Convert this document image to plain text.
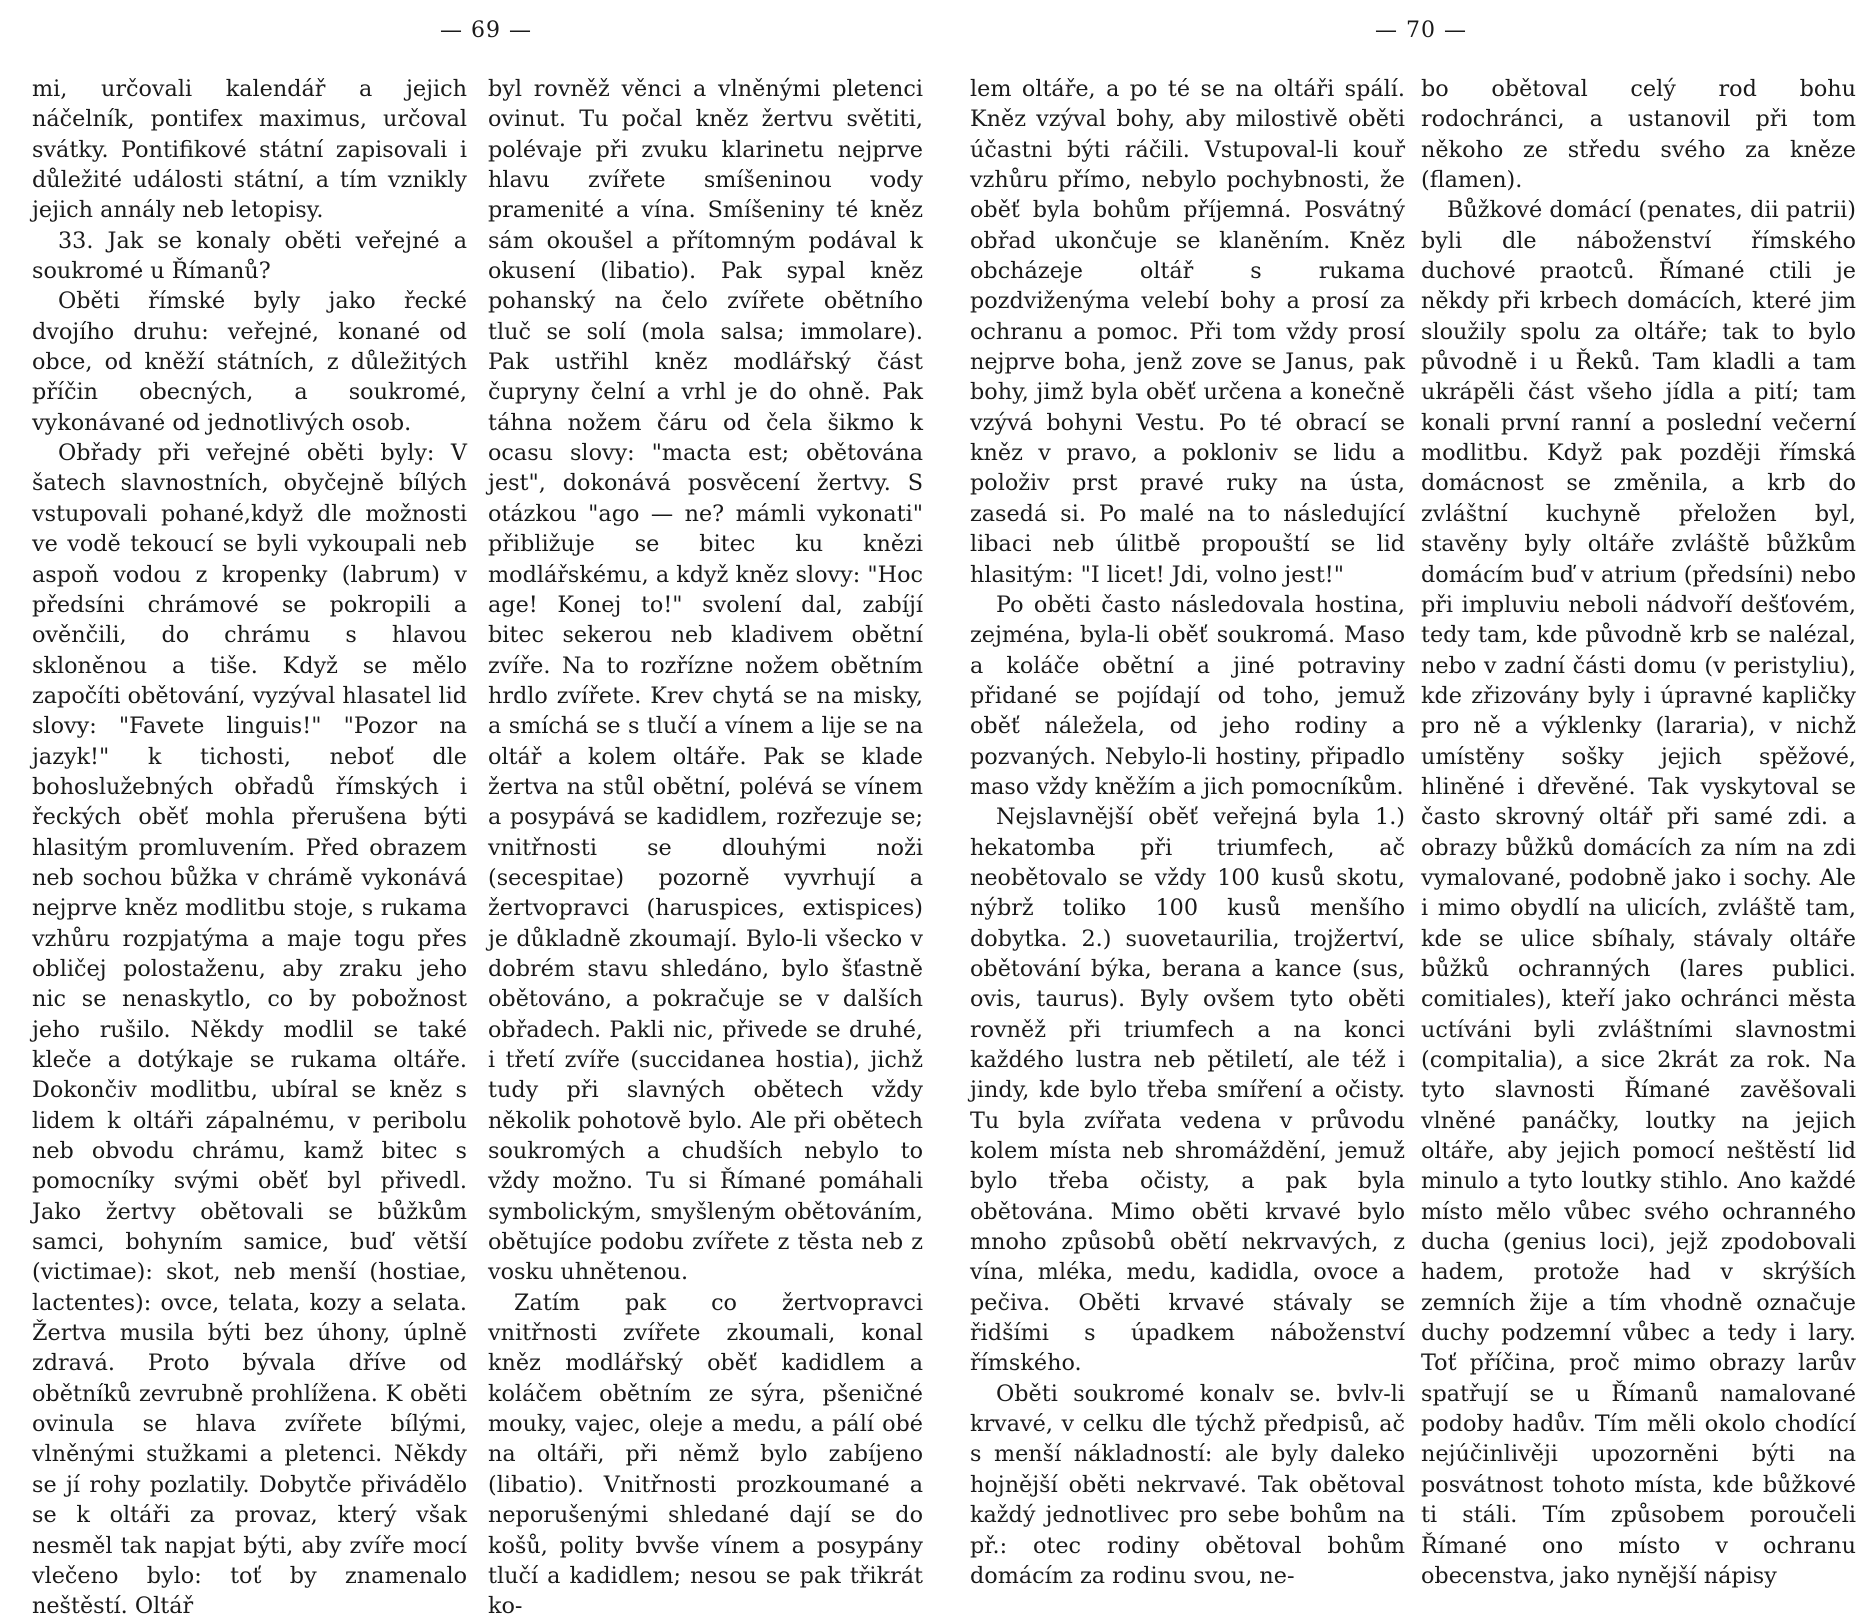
— 69 —	— 70 —

mi, určovali kalendář a jejich náčelník, pontifex maximus, určoval svátky. Pontifikové státní zapisovali i důležité události státní, a tím vznikly jejich annály neb letopisy.

33. Jak se konaly oběti veřejné a soukromé u Římanů?

Oběti římské byly jako řecké dvojího druhu: veřejné, konané od obce, od kněží státních, z důležitých příčin obecných, a soukromé, vykonávané od jednotlivých osob.

Obřady při veřejné oběti byly: V šatech slavnostních, obyčejně bílých vstupovali pohané,když dle možnosti ve vodě tekoucí se byli vykoupali neb aspoň vodou z kropenky (labrum) v předsíni chrámové se pokropili a ověnčili, do chrámu s hlavou skloněnou a tiše. Když se mělo započíti obětování, vyzýval hlasatel lid slovy: "Favete linguis!" "Pozor na jazyk!" k tichosti, neboť dle bohoslužebných obřadů římských i řeckých oběť mohla přerušena býti hlasitým promluvením. Před obrazem neb sochou bůžka v chrámě vykonává nejprve kněz modlitbu stoje, s rukama vzhůru rozpjatýma a maje togu přes obličej polostaženu, aby zraku jeho nic se nenaskytlo, co by pobožnost jeho rušilo. Někdy modlil se také kleče a dotýkaje se rukama oltáře. Dokončiv modlitbu, ubíral se kněz s lidem k oltáři zápalnému, v peribolu neb obvodu chrámu, kamž bitec s pomocníky svými oběť byl přivedl. Jako žertvy obětovali se bůžkům samci, bohyním samice, buď větší (victimae): skot, neb menší (hostiae, lactentes): ovce, telata, kozy a selata. Žertva musila býti bez úhony, úplně zdravá. Proto bývala dříve od obětníků zevrubně prohlížena. K oběti ovinula se hlava zvířete bílými, vlněnými stužkami a pletenci. Někdy se jí rohy pozlatily. Dobytče přivádělo se k oltáři za provaz, který však nesměl tak napjat býti, aby zvíře mocí vlečeno bylo: toť by znamenalo neštěstí. Oltář

byl rovněž věnci a vlněnými pletenci ovinut. Tu počal kněz žertvu světiti, polévaje při zvuku klarinetu nejprve hlavu zvířete smíšeninou vody pramenité a vína. Smíšeniny té kněz sám okoušel a přítomným podával k okusení (libatio). Pak sypal kněz pohanský na čelo zvířete obětního tluč se solí (mola salsa; immolare). Pak ustřihl kněz modlářský část čupryny čelní a vrhl je do ohně. Pak táhna nožem čáru od čela šikmo k ocasu slovy: "macta est; obětována jest", dokonává posvěcení žertvy. S otázkou "ago — ne? mámli vykonati" přibližuje se bitec ku knězi modlářskému, a když kněz slovy: "Hoc age! Konej to!" svolení dal, zabíjí bitec sekerou neb kladivem obětní zvíře. Na to rozříznе nožem obětním hrdlo zvířete. Krev chytá se na misky, a smíchá se s tlučí a vínem a lije se na oltář a kolem oltáře. Pak se klade žertva na stůl obětní, polévá se vínem a posypává se kadidlem, rozřezuje se; vnitřnosti se dlouhými noži (secespitae) pozorně vyvrhují a žertvopravci (haruspices, extispices) je důkladně zkoumají. Bylo-li všecko v dobrém stavu shledáno, bylo šťastně obětováno, a pokračuje se v dalších obřadech. Pakli nic, přivede se druhé, i třetí zvíře (succidanea hostia), jichž tudy při slavných obětech vždy několik pohotově bylo. Ale při obětech soukromých a chudších nebylo to vždy možno. Tu si Římané pomáhali symbolickým, smyšleným obětováním, obětujíce podobu zvířete z těsta neb z vosku uhnětenou.

Zatím pak co žertvopravci vnitřnosti zvířete zkoumali, konal kněz modlářský oběť kadidlem a koláčem obětním ze sýra, pšeničné mouky, vajec, oleje a medu, a pálí obé na oltáři, při němž bylo zabíjeno (libatio). Vnitřnosti prozkoumané a neporušenými shledané dají se do košů, politу bvvše vínem a posypány tlučí a kadidlem; nesou se pak třikrát ko-

lem oltáře, a po té se na oltáři spálí. Kněz vzýval bohy, aby milostivě oběti účastni býti ráčili. Vstupoval-li kouř vzhůru přímo, nebylo pochybnosti, že oběť byla bohům příjemná. Posvátný obřad ukončuje se klaněním. Kněz obcházeje oltář s rukama pozdviženýma velebí bohy a prosí za ochranu a pomoc. Při tom vždy prosí nejprve boha, jenž zove se Janus, pak bohy, jimž byla oběť určena a konečně vzývá bohyni Vestu. Po té obrací se kněz v pravo, a pokloniv se lidu a položiv prst pravé ruky na ústa, zasedá si. Po malé na to následující libaci neb úlitbě propouští se lid hlasitým: "I licet! Jdi, volno jest!"

Po oběti často následovala hostina, zejména, byla-li oběť soukromá. Maso a koláče obětní a jiné potraviny přidané se pojídají od toho, jemuž oběť náležela, od jeho rodiny a pozvaných. Nebylo-li hostiny, připadlo maso vždy kněžím a jich pomocníkům.

Nejslavnější oběť veřejná byla 1.) hekatomba při triumfech, ač neobětovalo se vždy 100 kusů skotu, nýbrž toliko 100 kusů menšího dobytka. 2.) suovetaurilia, trojžertví, obětování býka, berana a kance (sus, ovis, taurus). Byly ovšem tyto oběti rovněž při triumfech a na konci každého lustra neb pětiletí, ale též i jindy, kde bylo třeba smíření a očisty. Tu byla zvířata vedena v průvodu kolem místa neb shromáždění, jemuž bylo třeba očisty, a pak byla obětována. Mimo oběti krvavé bylo mnoho způsobů obětí nekrvavých, z vína, mléka, medu, kadidla, ovoce a pečiva. Oběti krvavé stávaly se řidšími s úpadkem náboženství římského.

Oběti soukromé konalv se. bvlv-li krvavé, v celku dle týchž předpisů, ač s menší nákladností: ale byly daleko hojnější oběti nekrvavé. Tak obětoval každý jednotlivec pro sebe bohům na př.: otec rodiny obětoval bohům domácím za rodinu svou, ne-

bo obětoval celý rod bohu rodochránci, a ustanovil při tom někoho ze středu svého za kněze (flamen).

Bůžkové domácí (penates, dii patrii) byli dle náboženství římského duchové praotců. Římané ctili je někdy při krbech domácích, které jim sloužily spolu za oltáře; tak to bylo původně i u Řeků. Tam kladli a tam ukrápěli část všeho jídla a pití; tam konali první ranní a poslední večerní modlitbu. Když pak později římská domácnost se změnila, a krb do zvláštní kuchyně přeložen byl, stavěny byly oltáře zvláště bůžkům domácím buď v atrium (předsíni) nebo při impluviu neboli nádvoří dešťovém, tedy tam, kde původně krb se nalézal, nebo v zadní části domu (v peristyliu), kde zřizovány byly i úpravné kapličky pro ně a výklenky (lararia), v nichž umístěny sošky jejich spěžové, hliněné i dřevěné. Tak vyskytoval se často skrovný oltář při samé zdi. a obrazy bůžků domácích za ním na zdi vymalované, podobně jako i sochy. Ale i mimo obydlí na ulicích, zvláště tam, kde se ulice sbíhaly, stávaly oltáře bůžků ochranných (lares publici. comitiales), kteří jako ochránci města uctíváni byli zvláštními slavnostmi (compitalia), a sice 2krát za rok. Na tyto slavnosti Římané zavěšovali vlněné panáčky, loutky na jejich oltáře, aby jejich pomocí neštěstí lid minulo a tyto loutky stihlo. Ano každé místo mělo vůbec svého ochranného ducha (genius loci), jejž zpodobovali hadem, protože had v skrýších zemních žije a tím vhodně označuje duchy podzemní vůbec a tedy i lary. Toť příčina, proč mimo obrazy larův spatřují se u Římanů namalované podoby hadův. Tím měli okolo chodící nejúčinlivěji upozorněni býti na posvátnost tohoto místa, kde bůžkové ti stáli. Tím způsobem poroučeli Římané ono místo v ochranu obecenstva, jako nynější nápisy
